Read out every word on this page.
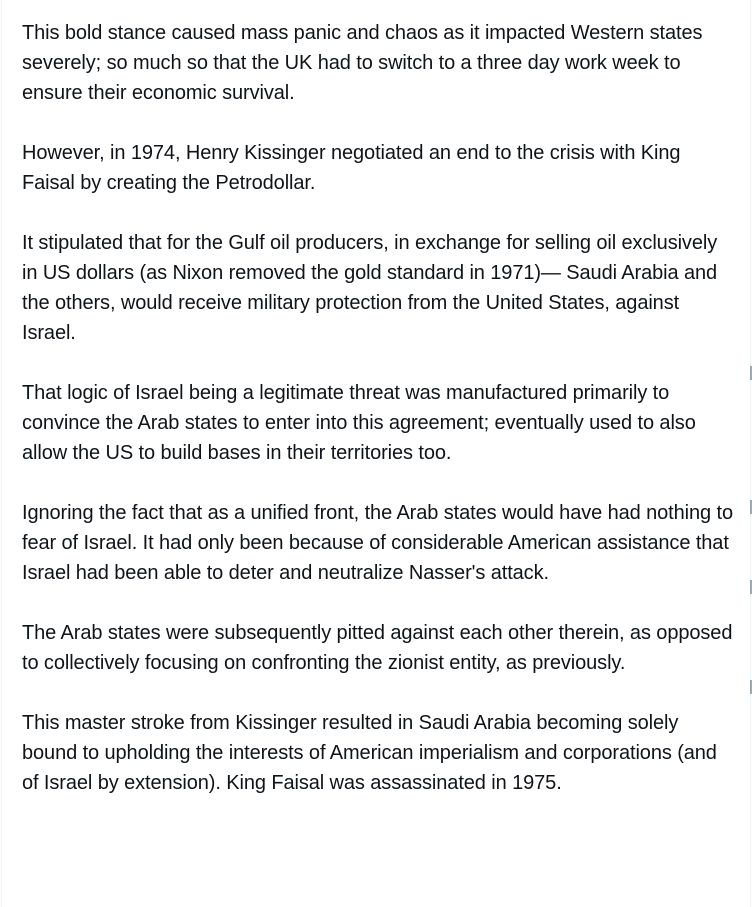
This bold stance caused mass panic and chaos as it impacted Western states severely; so much so that the UK had to switch to a three day work week to ensure their economic survival.

However, in 1974, Henry Kissinger negotiated an end to the crisis with King Faisal by creating the Petrodollar.

It stipulated that for the Gulf oil producers, in exchange for selling oil exclusively in US dollars (as Nixon removed the gold standard in 1971)— Saudi Arabia and the others, would receive military protection from the United States, against Israel.

That logic of Israel being a legitimate threat was manufactured primarily to convince the Arab states to enter into this agreement; eventually used to also allow the US to build bases in their territories too.

Ignoring the fact that as a unified front, the Arab states would have had nothing to fear of Israel. It had only been because of considerable American assistance that Israel had been able to deter and neutralize Nasser's attack.

The Arab states were subsequently pitted against each other therein, as opposed to collectively focusing on confronting the zionist entity, as previously.

This master stroke from Kissinger resulted in Saudi Arabia becoming solely bound to upholding the interests of American imperialism and corporations (and of Israel by extension). King Faisal was assassinated in 1975.
